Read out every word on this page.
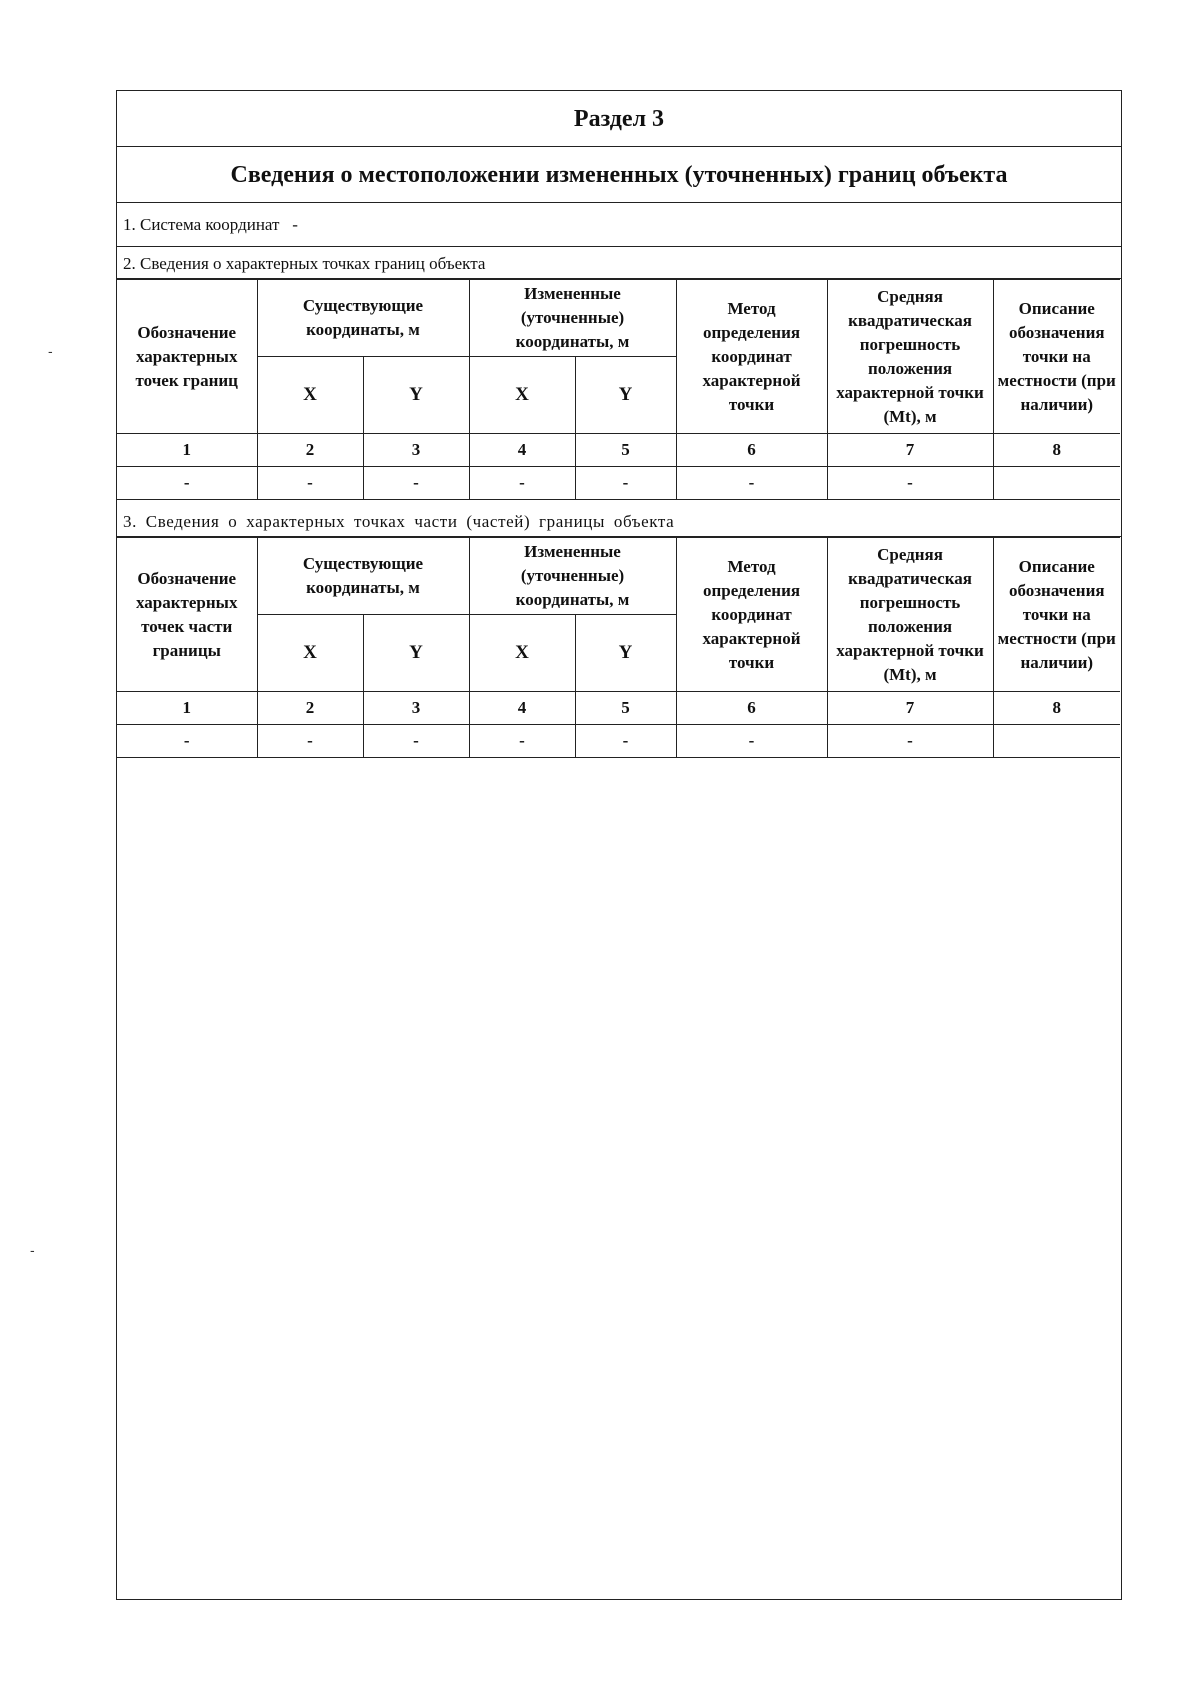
-
-
Раздел 3
Сведения о местоположении измененных (уточненных) границ объекта
1. Система координат -
2. Сведения о характерных точках границ объекта
Обозначение характерных точек границ	Существующие координаты, м		Измененные (уточненные) координаты, м		Метод определения координат характерной точки	Средняя квадратическая погрешность положения характерной точки (Mt), м	Описание обозначения точки на местности (при наличии)
	X	Y	X	Y			
1	2	3	4	5	6	7	8
-	-	-	-	-	-	-	
3. Сведения о характерных точках части (частей) границы объекта
Обозначение характерных точек части границы	Существующие координаты, м		Измененные (уточненные) координаты, м		Метод определения координат характерной точки	Средняя квадратическая погрешность положения характерной точки (Mt), м	Описание обозначения точки на местности (при наличии)
	X	Y	X	Y			
1	2	3	4	5	6	7	8
-	-	-	-	-	-	-	
